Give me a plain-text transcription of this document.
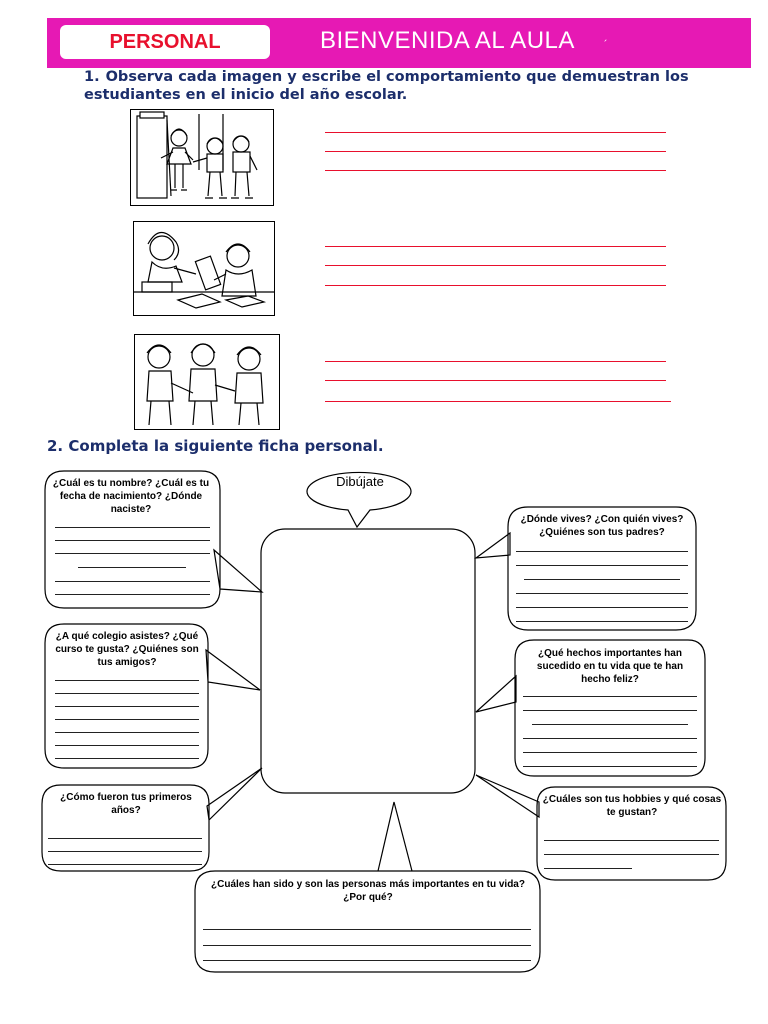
PERSONAL	BIENVENIDA AL AULA	´
1. Observa cada imagen y escribe el comportamiento que demuestran los estudiantes en el inicio del año escolar.
2. Completa la siguiente ficha personal.
Dibújate
¿Cuál es tu nombre? ¿Cuál es tu fecha de nacimiento? ¿Dónde naciste?
¿Dónde vives? ¿Con quién vives? ¿Quiénes son tus padres?
¿A qué colegio asistes? ¿Qué curso te gusta? ¿Quiénes son tus amigos?
¿Qué hechos importantes han sucedido en tu vida que te han hecho feliz?
¿Cómo fueron tus primeros años?
¿Cuáles son tus hobbies y qué cosas te gustan?
¿Cuáles han sido y son las personas más importantes en tu vida? ¿Por qué?
